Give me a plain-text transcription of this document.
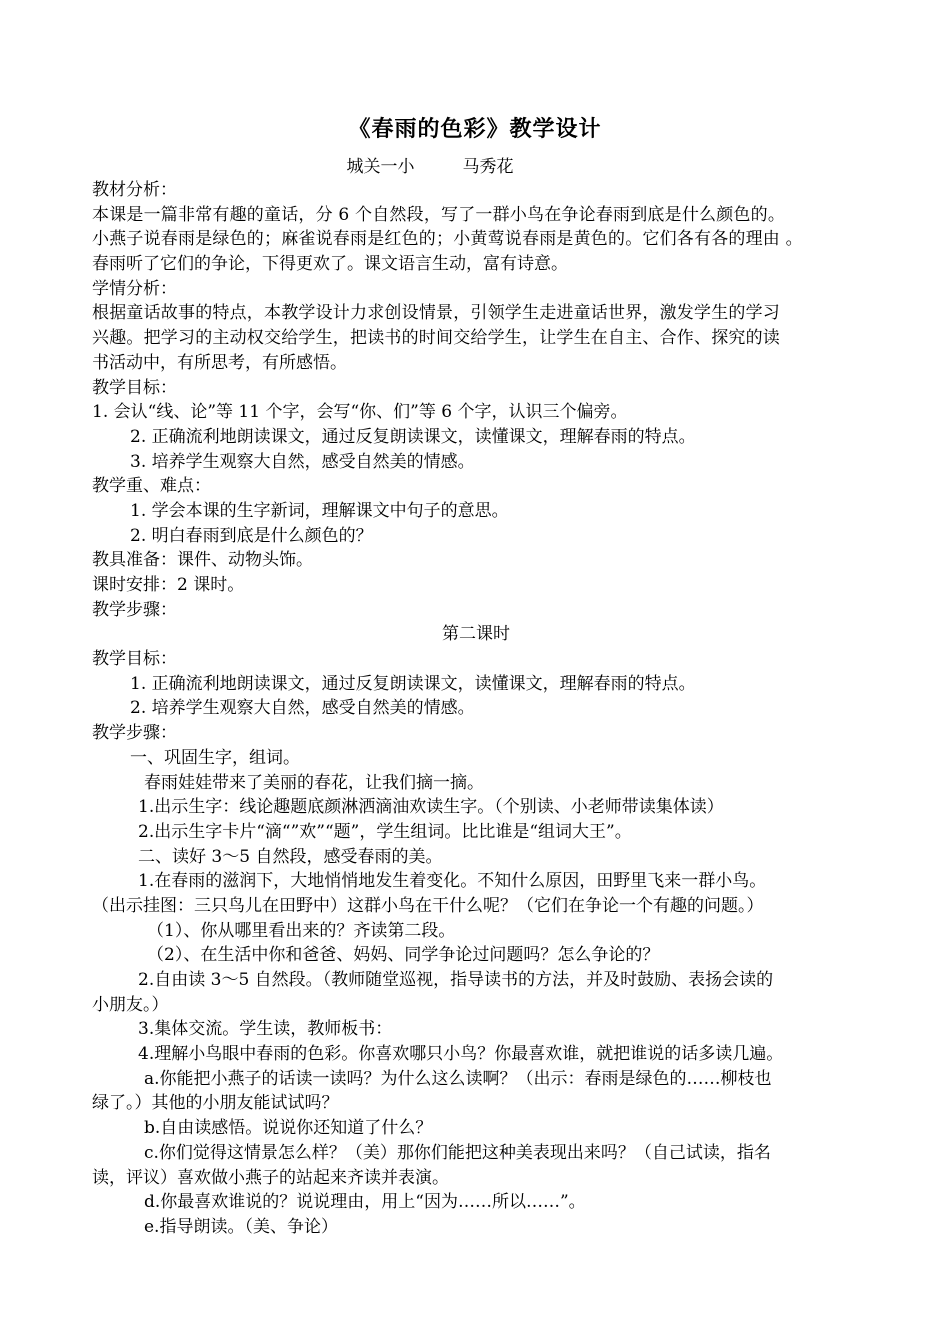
《春雨的色彩》教学设计
城关一小	马秀花
教材分析：
本课是一篇非常有趣的童话，分 6 个自然段，写了一群小鸟在争论春雨到底是什么颜色的。
小燕子说春雨是绿色的；麻雀说春雨是红色的；小黄莺说春雨是黄色的。它们各有各的理由 。
春雨听了它们的争论，下得更欢了。课文语言生动，富有诗意。
学情分析：
根据童话故事的特点，本教学设计力求创设情景，引领学生走进童话世界，激发学生的学习
兴趣。把学习的主动权交给学生，把读书的时间交给学生，让学生在自主、合作、探究的读
书活动中，有所思考，有所感悟。
教学目标：
1. 会认“线、论”等 11 个字，会写“你、们”等 6 个字，认识三个偏旁。
2. 正确流利地朗读课文，通过反复朗读课文，读懂课文，理解春雨的特点。
3. 培养学生观察大自然，感受自然美的情感。
教学重、难点：
1. 学会本课的生字新词，理解课文中句子的意思。
2. 明白春雨到底是什么颜色的？
教具准备：课件、动物头饰。
课时安排：2 课时。
教学步骤：
第二课时
教学目标：
1. 正确流利地朗读课文，通过反复朗读课文，读懂课文，理解春雨的特点。
2. 培养学生观察大自然，感受自然美的情感。
教学步骤：
一、巩固生字，组词。
春雨娃娃带来了美丽的春花，让我们摘一摘。
1.出示生字：线论趣题底颜淋洒滴油欢读生字。（个别读、小老师带读集体读）
2.出示生字卡片“滴“”欢”“题”，学生组词。比比谁是“组词大王”。
二、读好 3～5 自然段，感受春雨的美。
1.在春雨的滋润下，大地悄悄地发生着变化。不知什么原因，田野里飞来一群小鸟。
（出示挂图：三只鸟儿在田野中）这群小鸟在干什么呢？（它们在争论一个有趣的问题。）
（1）、你从哪里看出来的？齐读第二段。
（2）、在生活中你和爸爸、妈妈、同学争论过问题吗？怎么争论的？
2.自由读 3～5 自然段。（教师随堂巡视，指导读书的方法，并及时鼓励、表扬会读的
小朋友。）
3.集体交流。学生读，教师板书：
4.理解小鸟眼中春雨的色彩。你喜欢哪只小鸟？你最喜欢谁，就把谁说的话多读几遍。
a.你能把小燕子的话读一读吗？为什么这么读啊？（出示：春雨是绿色的……柳枝也
绿了。）其他的小朋友能试试吗？
b.自由读感悟。说说你还知道了什么？
c.你们觉得这情景怎么样？（美）那你们能把这种美表现出来吗？（自己试读，指名
读，评议）喜欢做小燕子的站起来齐读并表演。
d.你最喜欢谁说的？说说理由，用上“因为……所以……”。
e.指导朗读。（美、争论）
